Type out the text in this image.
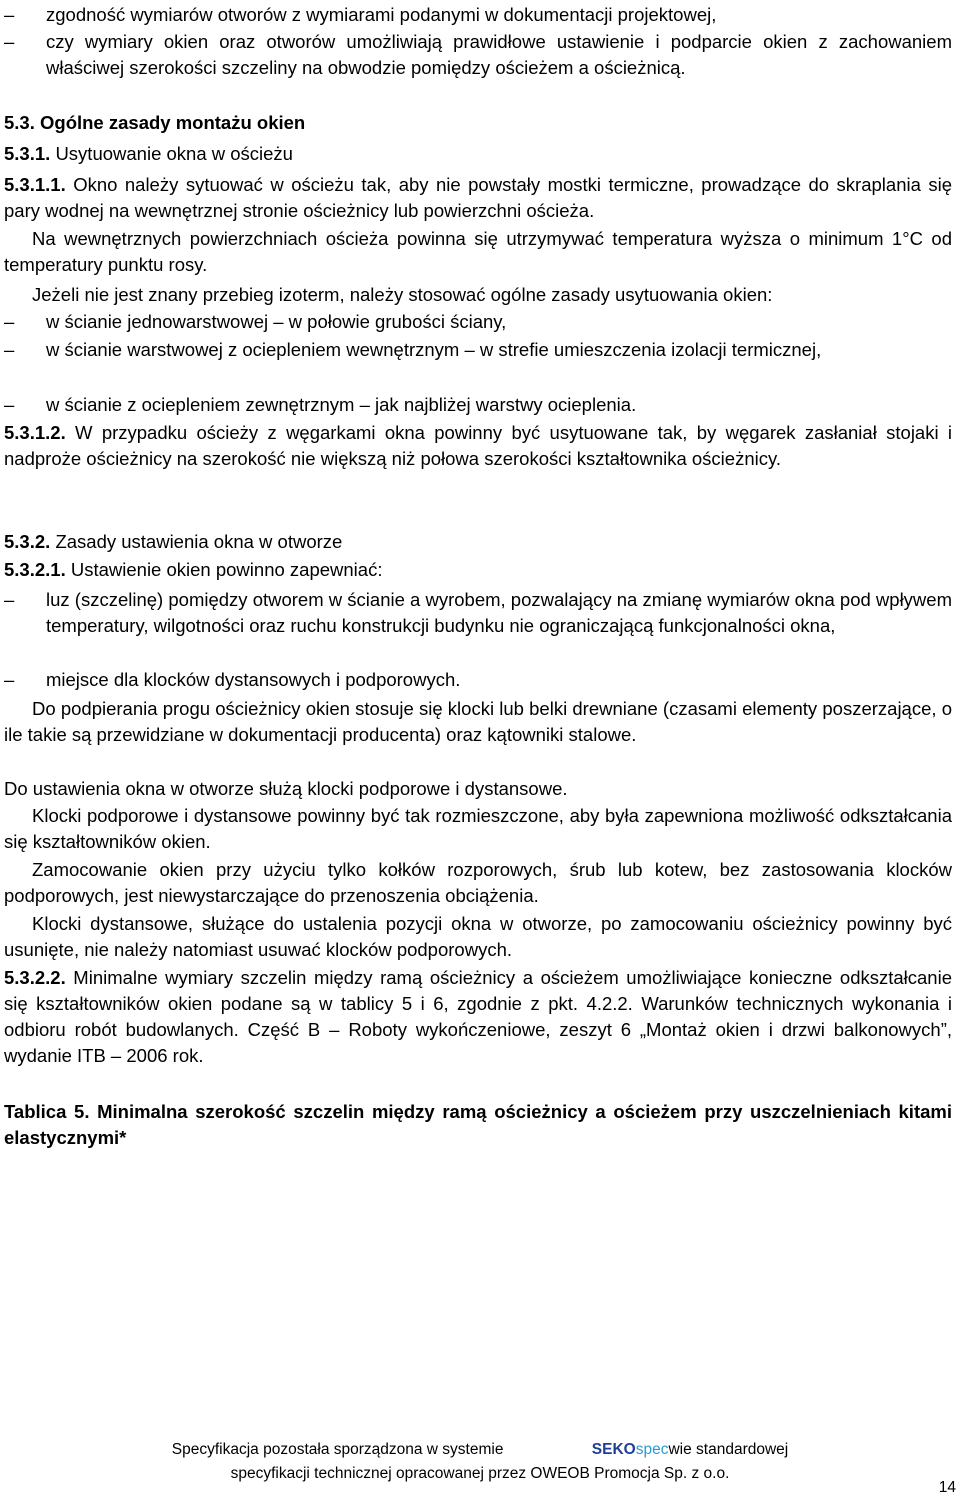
– zgodność wymiarów otworów z wymiarami podanymi w dokumentacji projektowej,
– czy wymiary okien oraz otworów umożliwiają prawidłowe ustawienie i podparcie okien z zachowaniem właściwej szerokości szczeliny na obwodzie pomiędzy ościeżem a ościeżnicą.
5.3. Ogólne zasady montażu okien
5.3.1. Usytuowanie okna w ościeżu
5.3.1.1. Okno należy sytuować w ościeżu tak, aby nie powstały mostki termiczne, prowadzące do skraplania się pary wodnej na wewnętrznej stronie ościeżnicy lub powierzchni ościeża.
Na wewnętrznych powierzchniach ościeża powinna się utrzymywać temperatura wyższa o minimum 1°C od temperatury punktu rosy.
Jeżeli nie jest znany przebieg izoterm, należy stosować ogólne zasady usytuowania okien:
– w ścianie jednowarstwowej – w połowie grubości ściany,
– w ścianie warstwowej z ociepleniem wewnętrznym – w strefie umieszczenia izolacji termicznej,
– w ścianie z ociepleniem zewnętrznym – jak najbliżej warstwy ocieplenia.
5.3.1.2. W przypadku ościeży z węgarkami okna powinny być usytuowane tak, by węgarek zasłaniał stojaki i nadproże ościeżnicy na szerokość nie większą niż połowa szerokości kształtownika ościeżnicy.
5.3.2. Zasady ustawienia okna w otworze
5.3.2.1. Ustawienie okien powinno zapewniać:
– luz (szczelinę) pomiędzy otworem w ścianie a wyrobem, pozwalający na zmianę wymiarów okna pod wpływem temperatury, wilgotności oraz ruchu konstrukcji budynku nie ograniczającą funkcjonalności okna,
– miejsce dla klocków dystansowych i podporowych.
Do podpierania progu ościeżnicy okien stosuje się klocki lub belki drewniane (czasami elementy poszerzające, o ile takie są przewidziane w dokumentacji producenta) oraz kątowniki stalowe.
Do ustawienia okna w otworze służą klocki podporowe i dystansowe.
Klocki podporowe i dystansowe powinny być tak rozmieszczone, aby była zapewniona możliwość odkształcania się kształtowników okien.
Zamocowanie okien przy użyciu tylko kołków rozporowych, śrub lub kotew, bez zastosowania klocków podporowych, jest niewystarczające do przenoszenia obciążenia.
Klocki dystansowe, służące do ustalenia pozycji okna w otworze, po zamocowaniu ościeżnicy powinny być usunięte, nie należy natomiast usuwać klocków podporowych.
5.3.2.2. Minimalne wymiary szczelin między ramą ościeżnicy a ościeżem umożliwiające konieczne odkształcanie się kształtowników okien podane są w tablicy 5 i 6, zgodnie z pkt. 4.2.2. Warunków technicznych wykonania i odbioru robót budowlanych. Część B – Roboty wykończeniowe, zeszyt 6 „Montaż okien i drzwi balkonowych”, wydanie ITB – 2006 rok.
Tablica 5. Minimalna szerokość szczelin między ramą ościeżnicy a ościeżem przy uszczelnieniach kitami elastycznymi*
Specyfikacja pozostała sporządzona w systemie	SEKOspecwie standardowej
specyfikacji technicznej opracowanej przez OWEOB Promocja Sp. z o.o.
14
